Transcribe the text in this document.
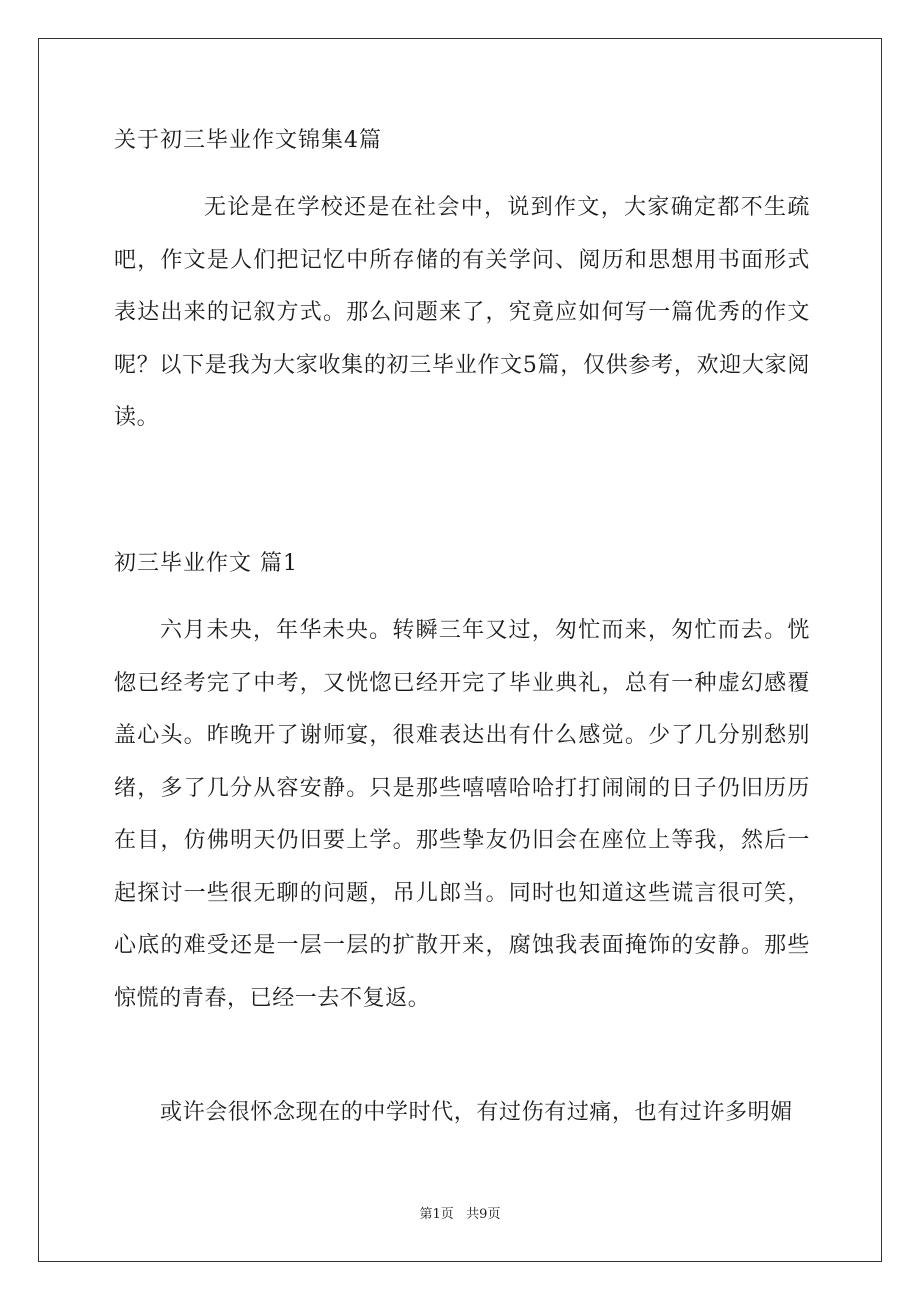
关于初三毕业作文锦集4篇

无论是在学校还是在社会中，说到作文，大家确定都不生疏吧，作文是人们把记忆中所存储的有关学问、阅历和思想用书面形式表达出来的记叙方式。那么问题来了，究竟应如何写一篇优秀的作文呢？以下是我为大家收集的初三毕业作文5篇，仅供参考，欢迎大家阅读。

初三毕业作文 篇1

六月未央，年华未央。转瞬三年又过，匆忙而来，匆忙而去。恍惚已经考完了中考，又恍惚已经开完了毕业典礼，总有一种虚幻感覆盖心头。昨晚开了谢师宴，很难表达出有什么感觉。少了几分别愁别绪，多了几分从容安静。只是那些嘻嘻哈哈打打闹闹的日子仍旧历历在目，仿佛明天仍旧要上学。那些挚友仍旧会在座位上等我，然后一起探讨一些很无聊的问题，吊儿郎当。同时也知道这些谎言很可笑，心底的难受还是一层一层的扩散开来，腐蚀我表面掩饰的安静。那些惊慌的青春，已经一去不复返。

或许会很怀念现在的中学时代，有过伤有过痛，也有过许多明媚

第1页   共9页
